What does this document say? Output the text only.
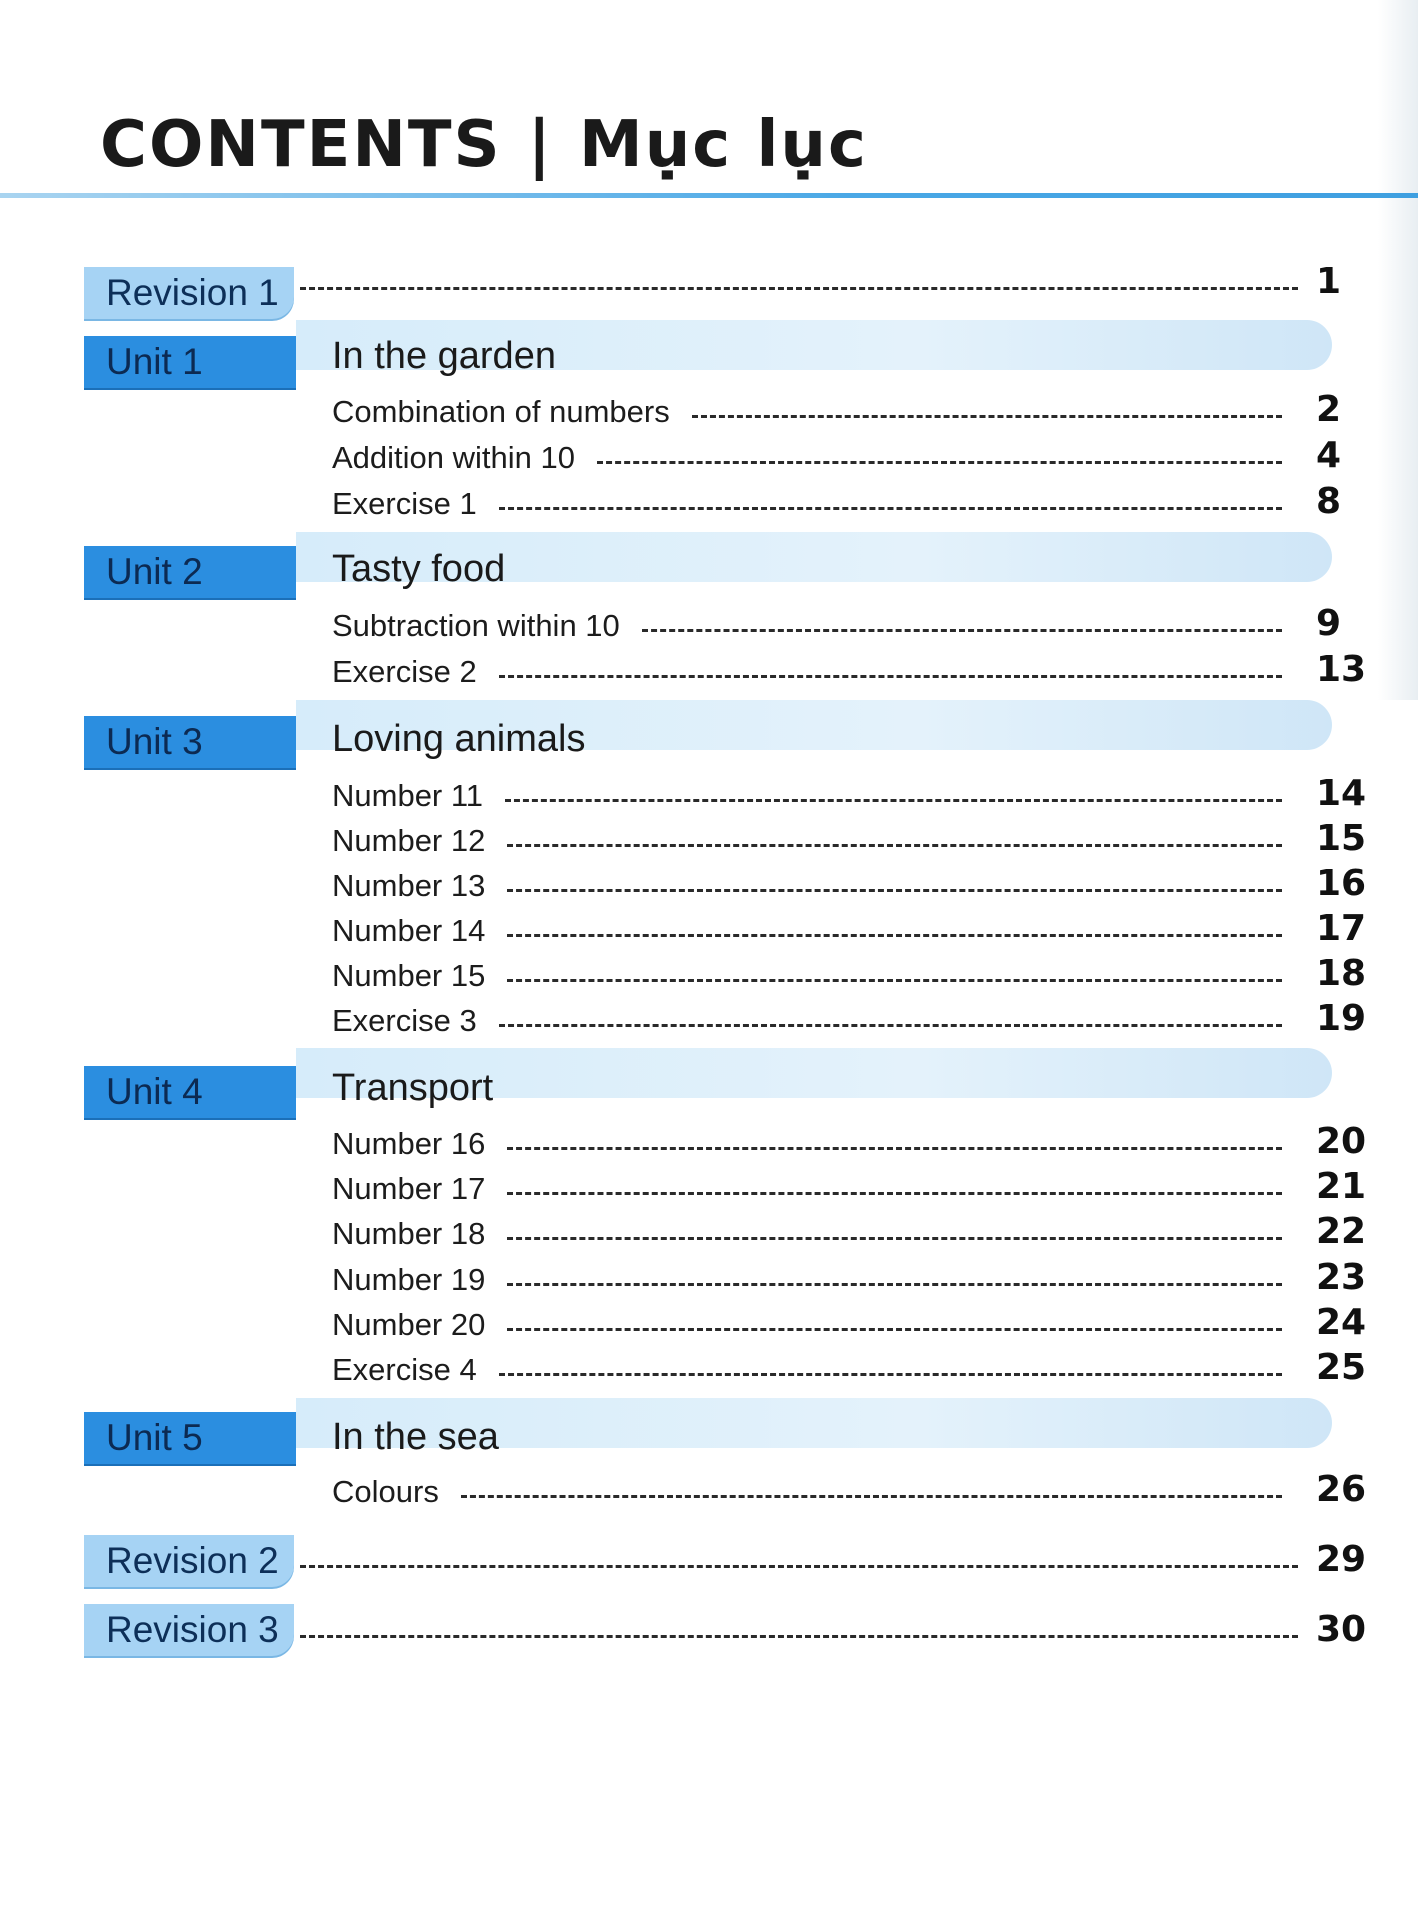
CONTENTS | Mục lục
Revision 1	1
Unit 1	In the garden
Combination of numbers	2
Addition within 10	4
Exercise 1	8
Unit 2	Tasty food
Subtraction within 10	9
Exercise 2	13
Unit 3	Loving animals
Number 11	14
Number 12	15
Number 13	16
Number 14	17
Number 15	18
Exercise 3	19
Unit 4	Transport
Number 16	20
Number 17	21
Number 18	22
Number 19	23
Number 20	24
Exercise 4	25
Unit 5	In the sea
Colours	26
Revision 2	29
Revision 3	30
